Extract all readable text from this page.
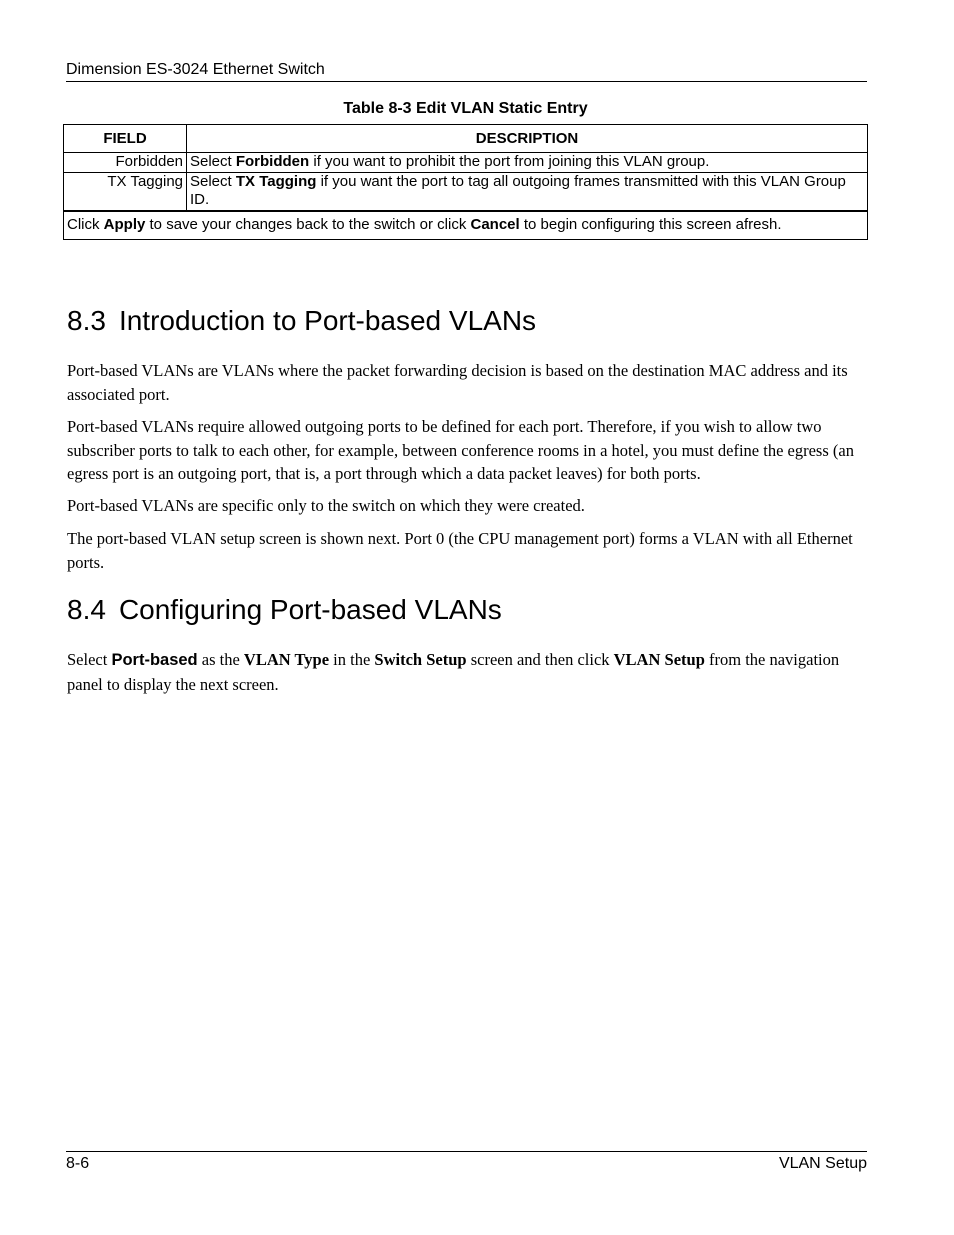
Dimension ES-3024 Ethernet Switch
Table 8-3 Edit VLAN Static Entry
FIELD	DESCRIPTION
Forbidden	Select Forbidden if you want to prohibit the port from joining this VLAN group.
TX Tagging	Select TX Tagging if you want the port to tag all outgoing frames transmitted with this VLAN Group ID.
Click Apply to save your changes back to the switch or click Cancel to begin configuring this screen afresh.	
8.3 Introduction to Port-based VLANs

Port-based VLANs are VLANs where the packet forwarding decision is based on the destination MAC address and its associated port.

Port-based VLANs require allowed outgoing ports to be defined for each port. Therefore, if you wish to allow two subscriber ports to talk to each other, for example, between conference rooms in a hotel, you must define the egress (an egress port is an outgoing port, that is, a port through which a data packet leaves) for both ports.

Port-based VLANs are specific only to the switch on which they were created.

The port-based VLAN setup screen is shown next. Port 0 (the CPU management port) forms a VLAN with all Ethernet ports.

8.4 Configuring Port-based VLANs

Select Port-based as the VLAN Type in the Switch Setup screen and then click VLAN Setup from the navigation panel to display the next screen.

8-6	VLAN Setup
